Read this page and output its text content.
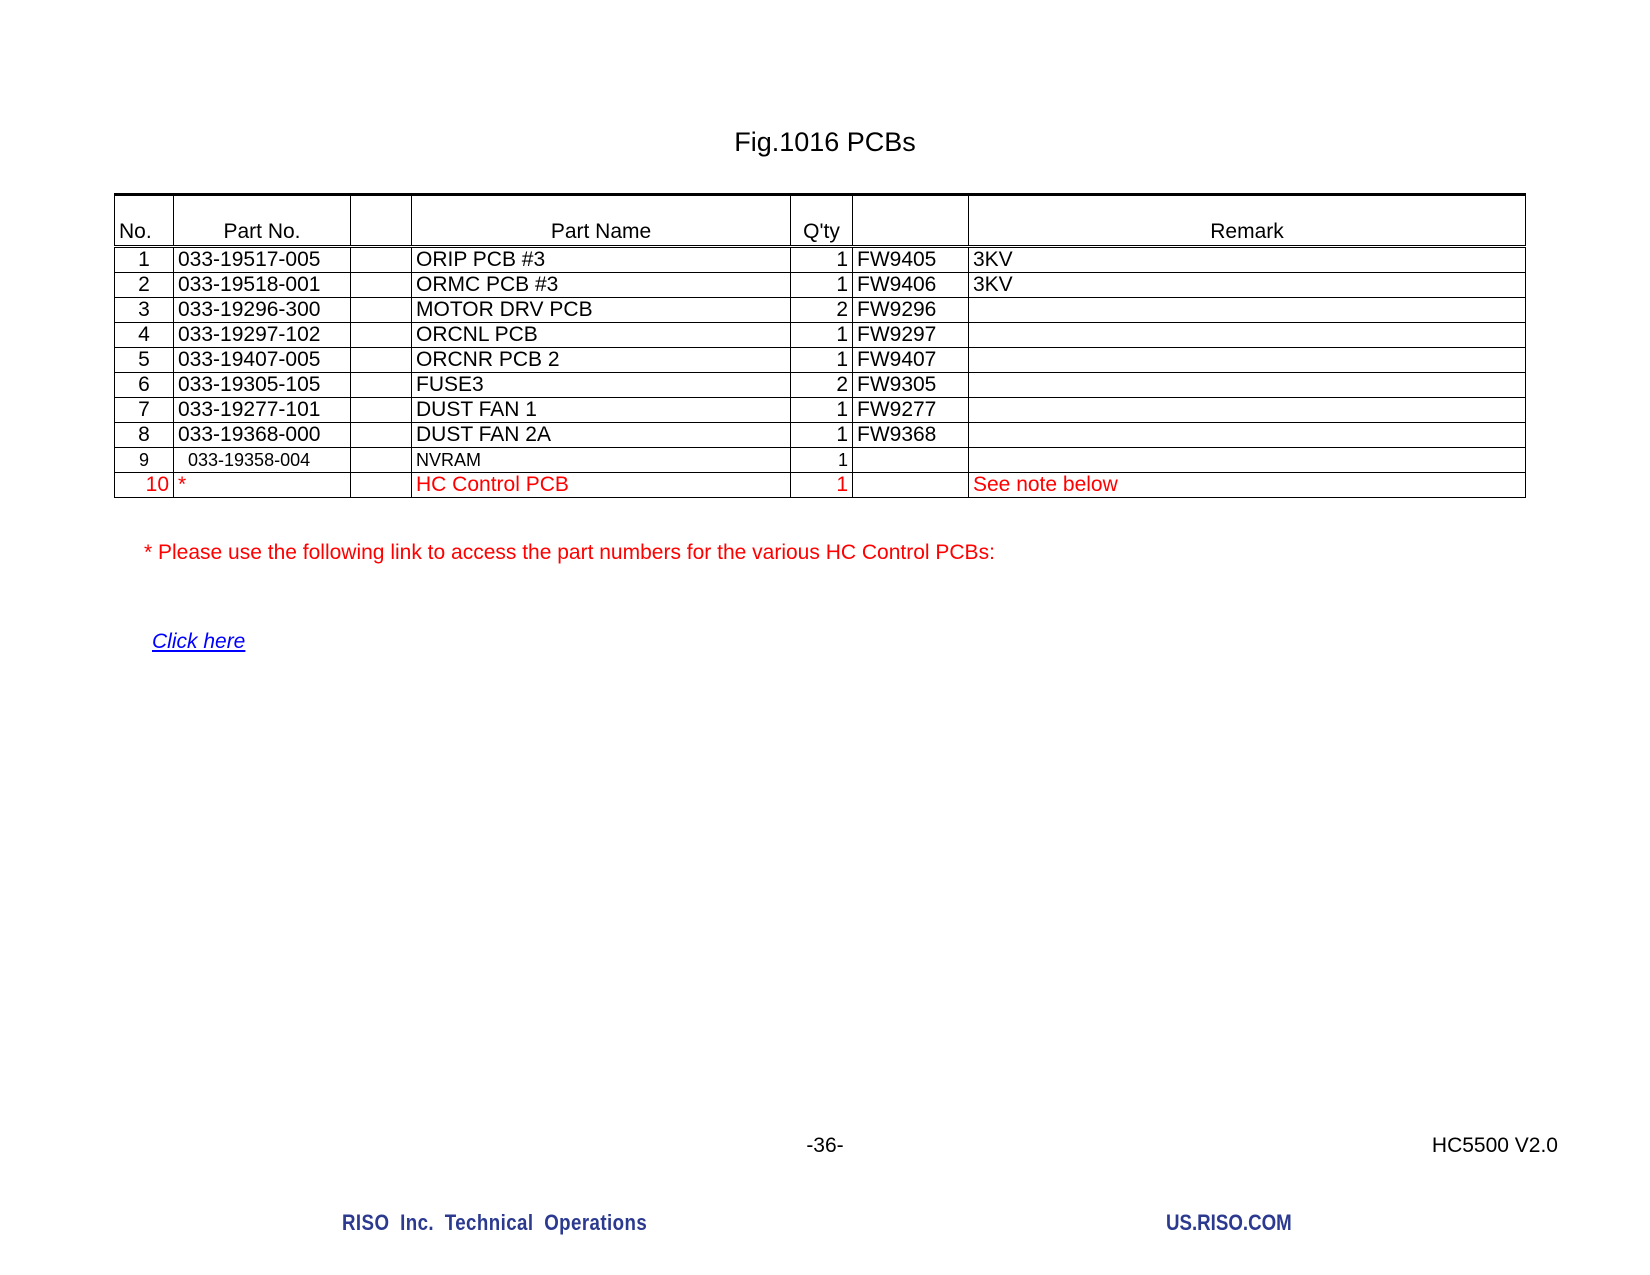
Fig.1016 PCBs
No.	Part No.		Part Name	Q'ty		Remark
1	033-19517-005		ORIP PCB #3	1	FW9405	3KV
2	033-19518-001		ORMC PCB #3	1	FW9406	3KV
3	033-19296-300		MOTOR DRV PCB	2	FW9296	
4	033-19297-102		ORCNL PCB	1	FW9297	
5	033-19407-005		ORCNR PCB 2	1	FW9407	
6	033-19305-105		FUSE3	2	FW9305	
7	033-19277-101		DUST FAN 1	1	FW9277	
8	033-19368-000		DUST FAN 2A	1	FW9368	
9	033-19358-004		NVRAM	1		
10	*		HC Control PCB	1		See note below
* Please use the following link to access the part numbers for the various HC Control PCBs:
Click here
-36-	HC5500 V2.0
RISO Inc. Technical Operations	US.RISO.COM
